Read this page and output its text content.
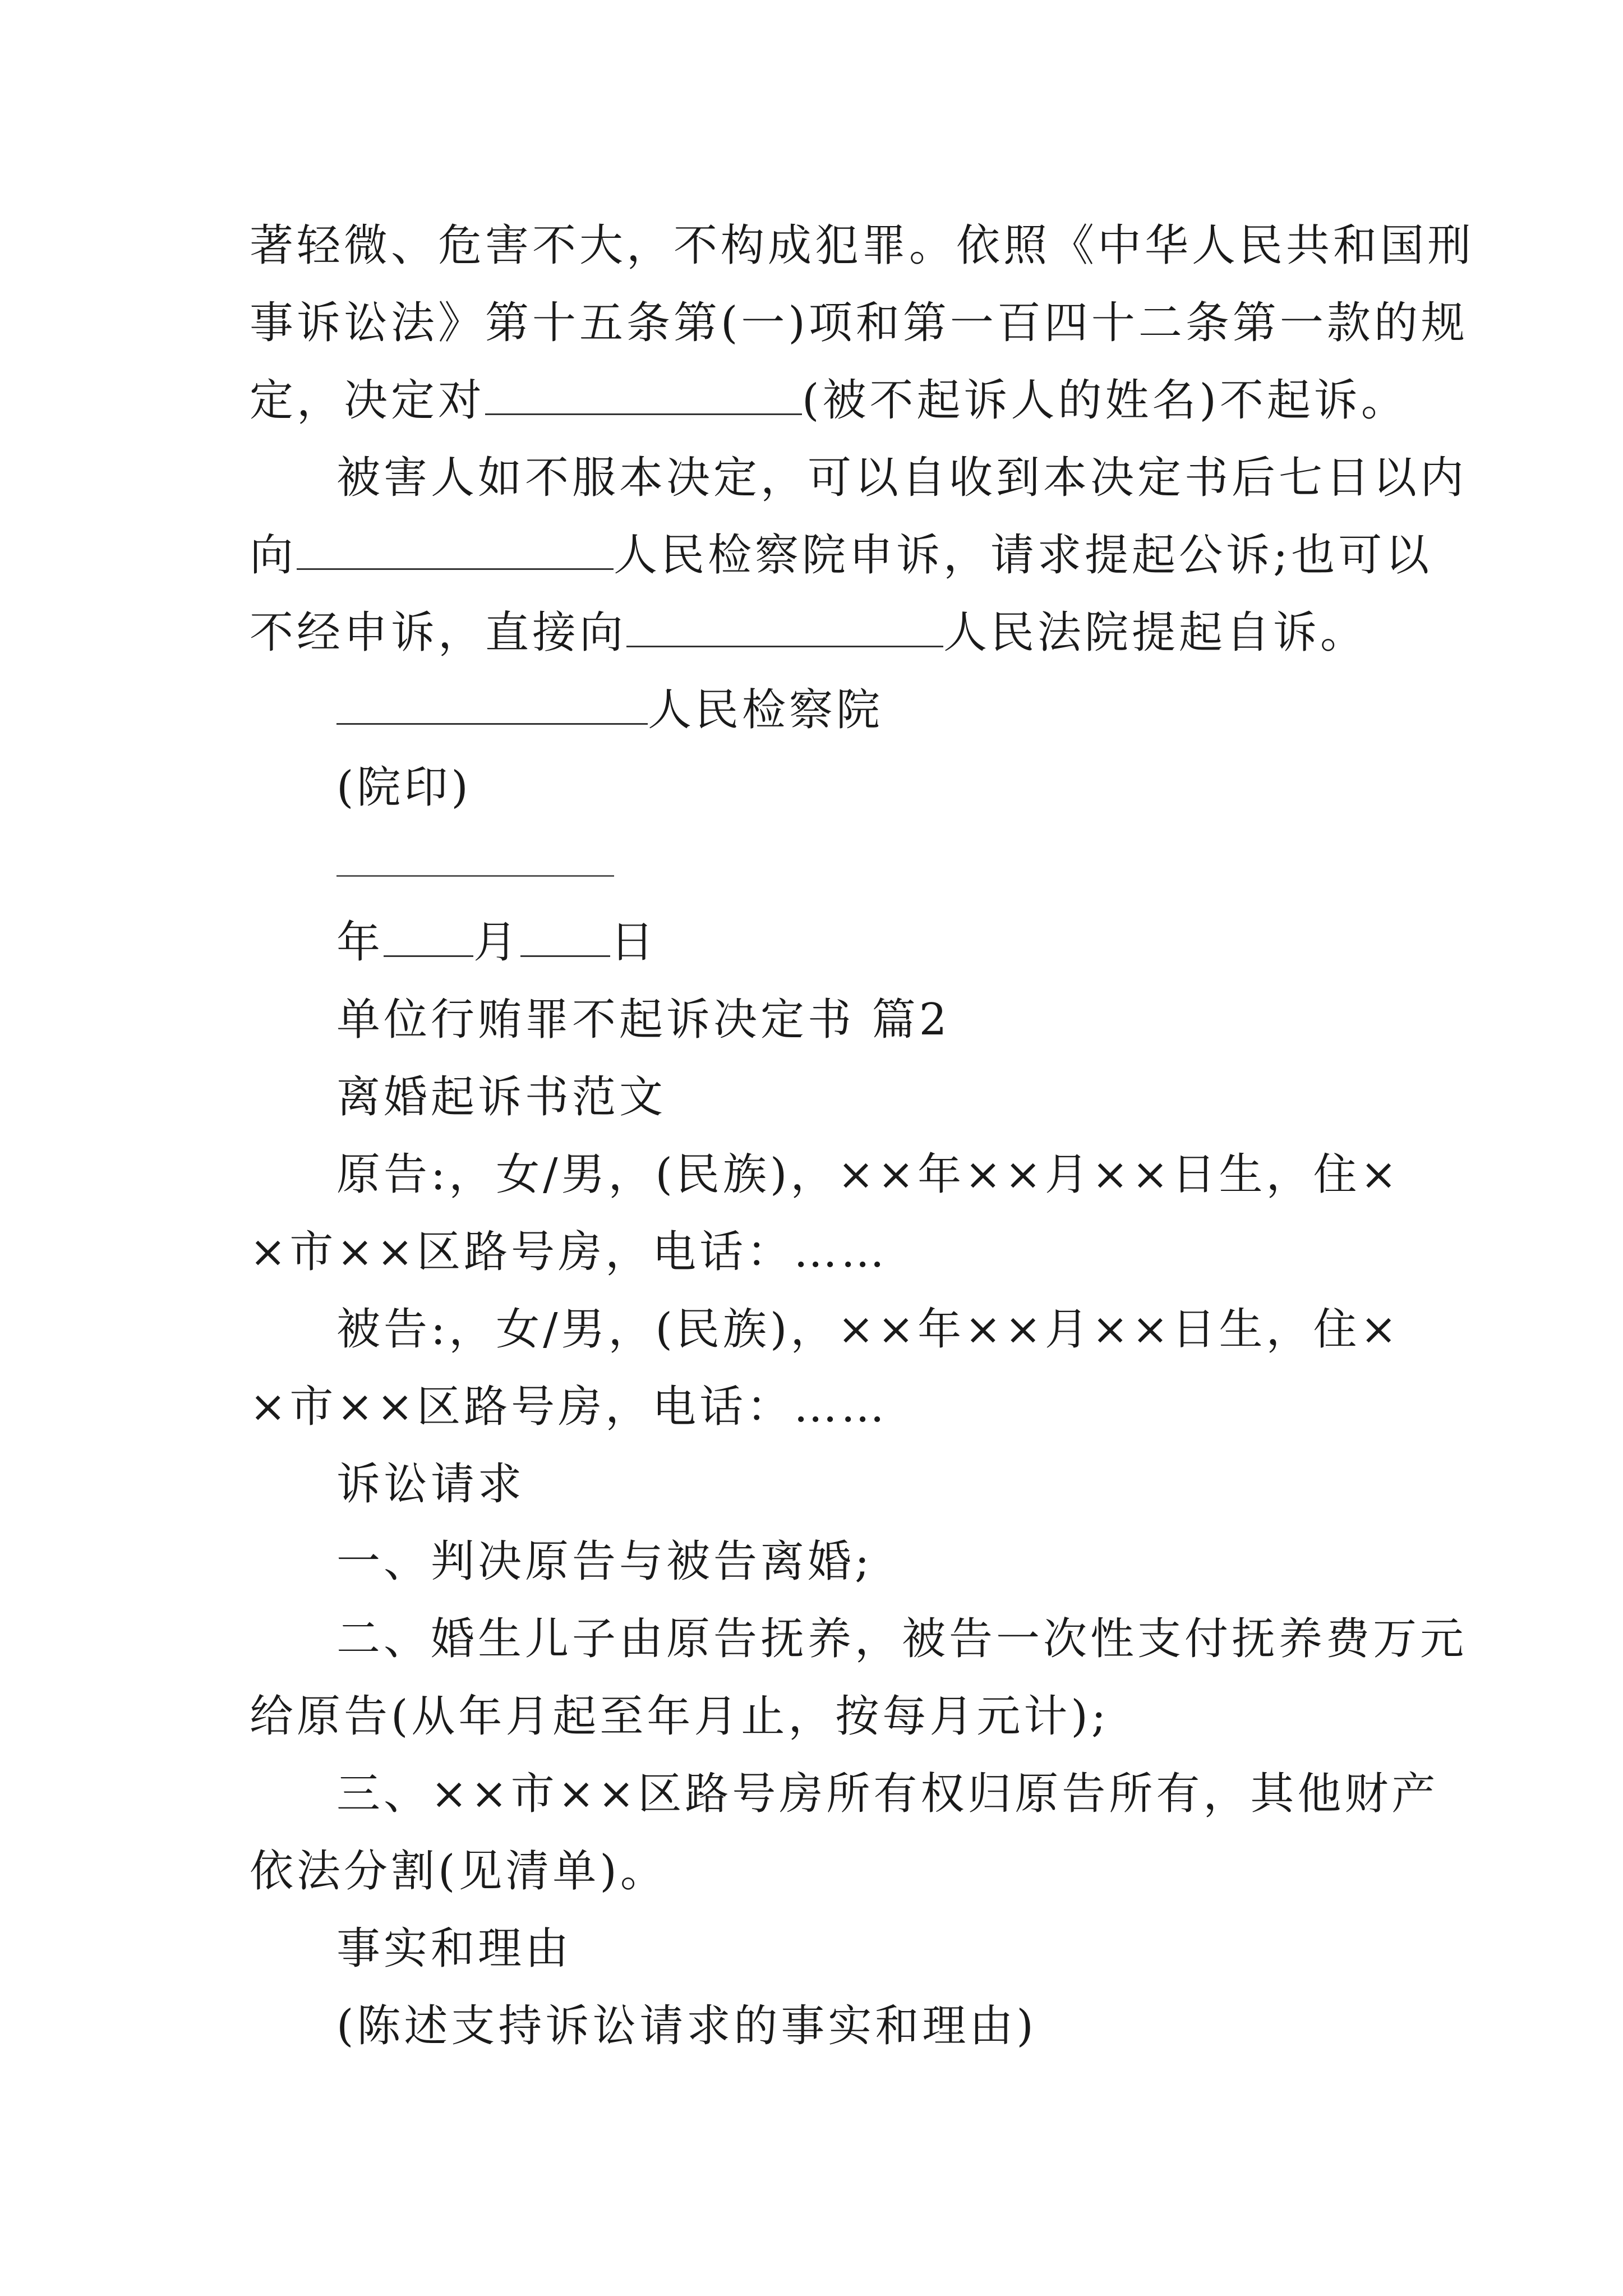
著轻微、危害不大，不构成犯罪。依照《中华人民共和国刑
事诉讼法》第十五条第(一)项和第一百四十二条第一款的规
定，决定对	(被不起诉人的姓名)不起诉。
被害人如不服本决定，可以自收到本决定书后七日以内
向	人民检察院申诉，请求提起公诉;也可以
不经申诉，直接向	人民法院提起自诉。
人民检察院
(院印)
年 月 日
单位行贿罪不起诉决定书 篇2
离婚起诉书范文
原告:，女/男，(民族)，××年××月××日生，住×
×市××区路号房，电话：……
被告:，女/男，(民族)，××年××月××日生，住×
×市××区路号房，电话：……
诉讼请求
一、判决原告与被告离婚;
二、婚生儿子由原告抚养，被告一次性支付抚养费万元
给原告(从年月起至年月止，按每月元计);
三、××市××区路号房所有权归原告所有，其他财产
依法分割(见清单)。
事实和理由
(陈述支持诉讼请求的事实和理由)
